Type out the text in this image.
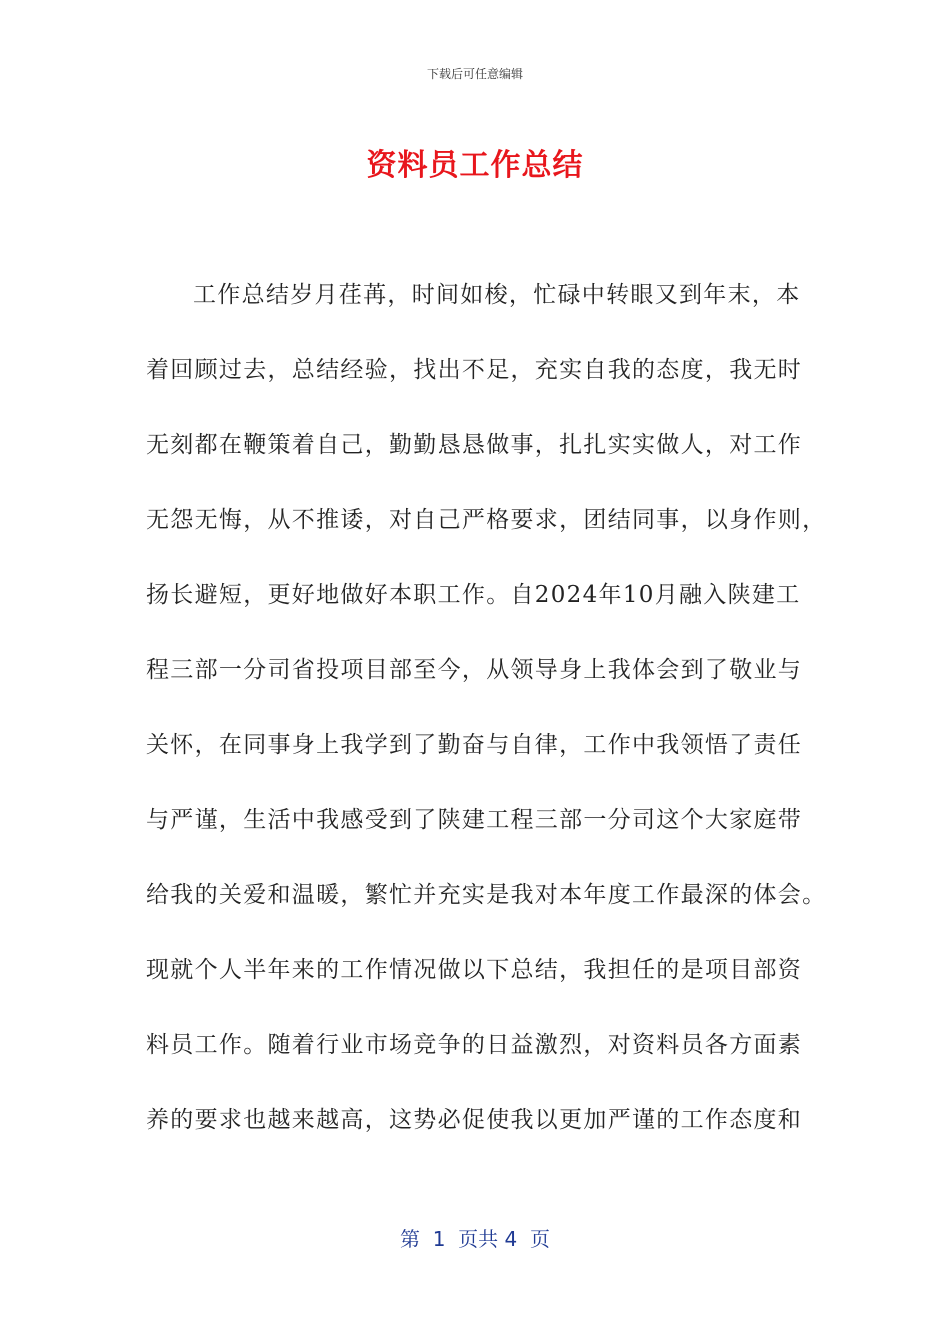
下载后可任意编辑
资料员工作总结
工作总结岁月荏苒，时间如梭，忙碌中转眼又到年末，本
着回顾过去，总结经验，找出不足，充实自我的态度，我无时
无刻都在鞭策着自己，勤勤恳恳做事，扎扎实实做人，对工作
无怨无悔，从不推诿，对自己严格要求，团结同事，以身作则，
扬长避短，更好地做好本职工作。自2024年10月融入陕建工
程三部一分司省投项目部至今，从领导身上我体会到了敬业与
关怀，在同事身上我学到了勤奋与自律，工作中我领悟了责任
与严谨，生活中我感受到了陕建工程三部一分司这个大家庭带
给我的关爱和温暖，繁忙并充实是我对本年度工作最深的体会。
现就个人半年来的工作情况做以下总结，我担任的是项目部资
料员工作。随着行业市场竞争的日益激烈，对资料员各方面素
养的要求也越来越高，这势必促使我以更加严谨的工作态度和
第  1  页共 4  页
